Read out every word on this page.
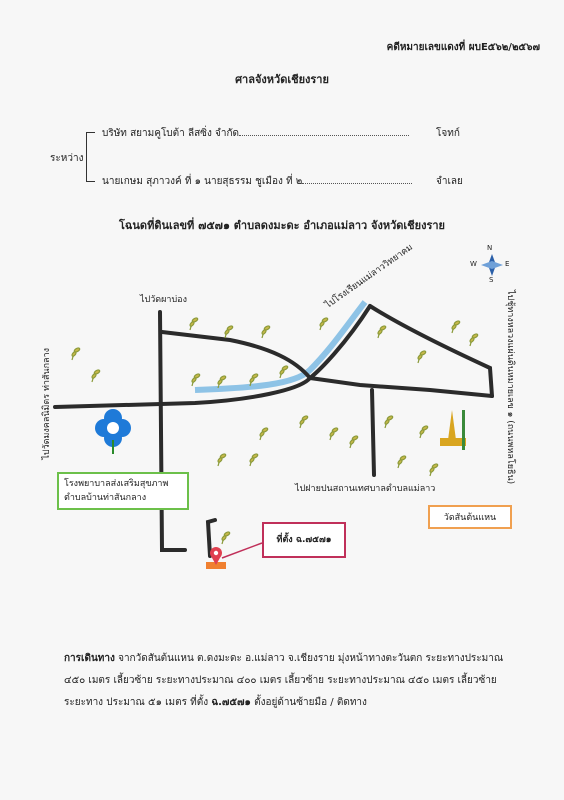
คดีหมายเลขแดงที่ ผบE๕๖๒/๒๕๖๗
ศาลจังหวัดเชียงราย
ระหว่าง
บริษัท สยามคูโบต้า ลีสซิ่ง จำกัด	โจทก์
นายเกษม สุภาวงค์ ที่ ๑ นายสุธรรม ชูเมือง ที่ ๒	จำเลย
โฉนดที่ดินเลขที่ ๗๕๗๑ ตำบลดงมะดะ อำเภอแม่ลาว จังหวัดเชียงราย
N
S
E
W
ไปวัดผาบ่อง	ไปโรงเรียนแม่ลาววิทยาคม
ไปวัดมงคลนิมิตร ท่าสันกลาง	ไปชุ้ทางหลวงแผ่นดินหมายเลข ๑ (ถนนพหลโยธิน)
ไปฝายปนสถานเทศบาลตำบลแม่ลาว
โรงพยาบาลส่งเสริมสุขภาพ ตำบลบ้านท่าสันกลาง
วัดสันต้นแหน
ที่ตั้ง ฉ.๗๕๗๑
การเดินทาง จากวัดสันต้นแหน ต.ดงมะดะ อ.แม่ลาว จ.เชียงราย มุ่งหน้าทางตะวันตก ระยะทางประมาณ ๔๕๐ เมตร เลี้ยวซ้าย ระยะทางประมาณ ๔๐๐ เมตร เลี้ยวซ้าย ระยะทางประมาณ ๔๕๐ เมตร เลี้ยวซ้าย ระยะทาง ประมาณ ๕๑ เมตร ที่ตั้ง ฉ.๗๕๗๑ ตั้งอยู่ด้านซ้ายมือ / ติดทาง
